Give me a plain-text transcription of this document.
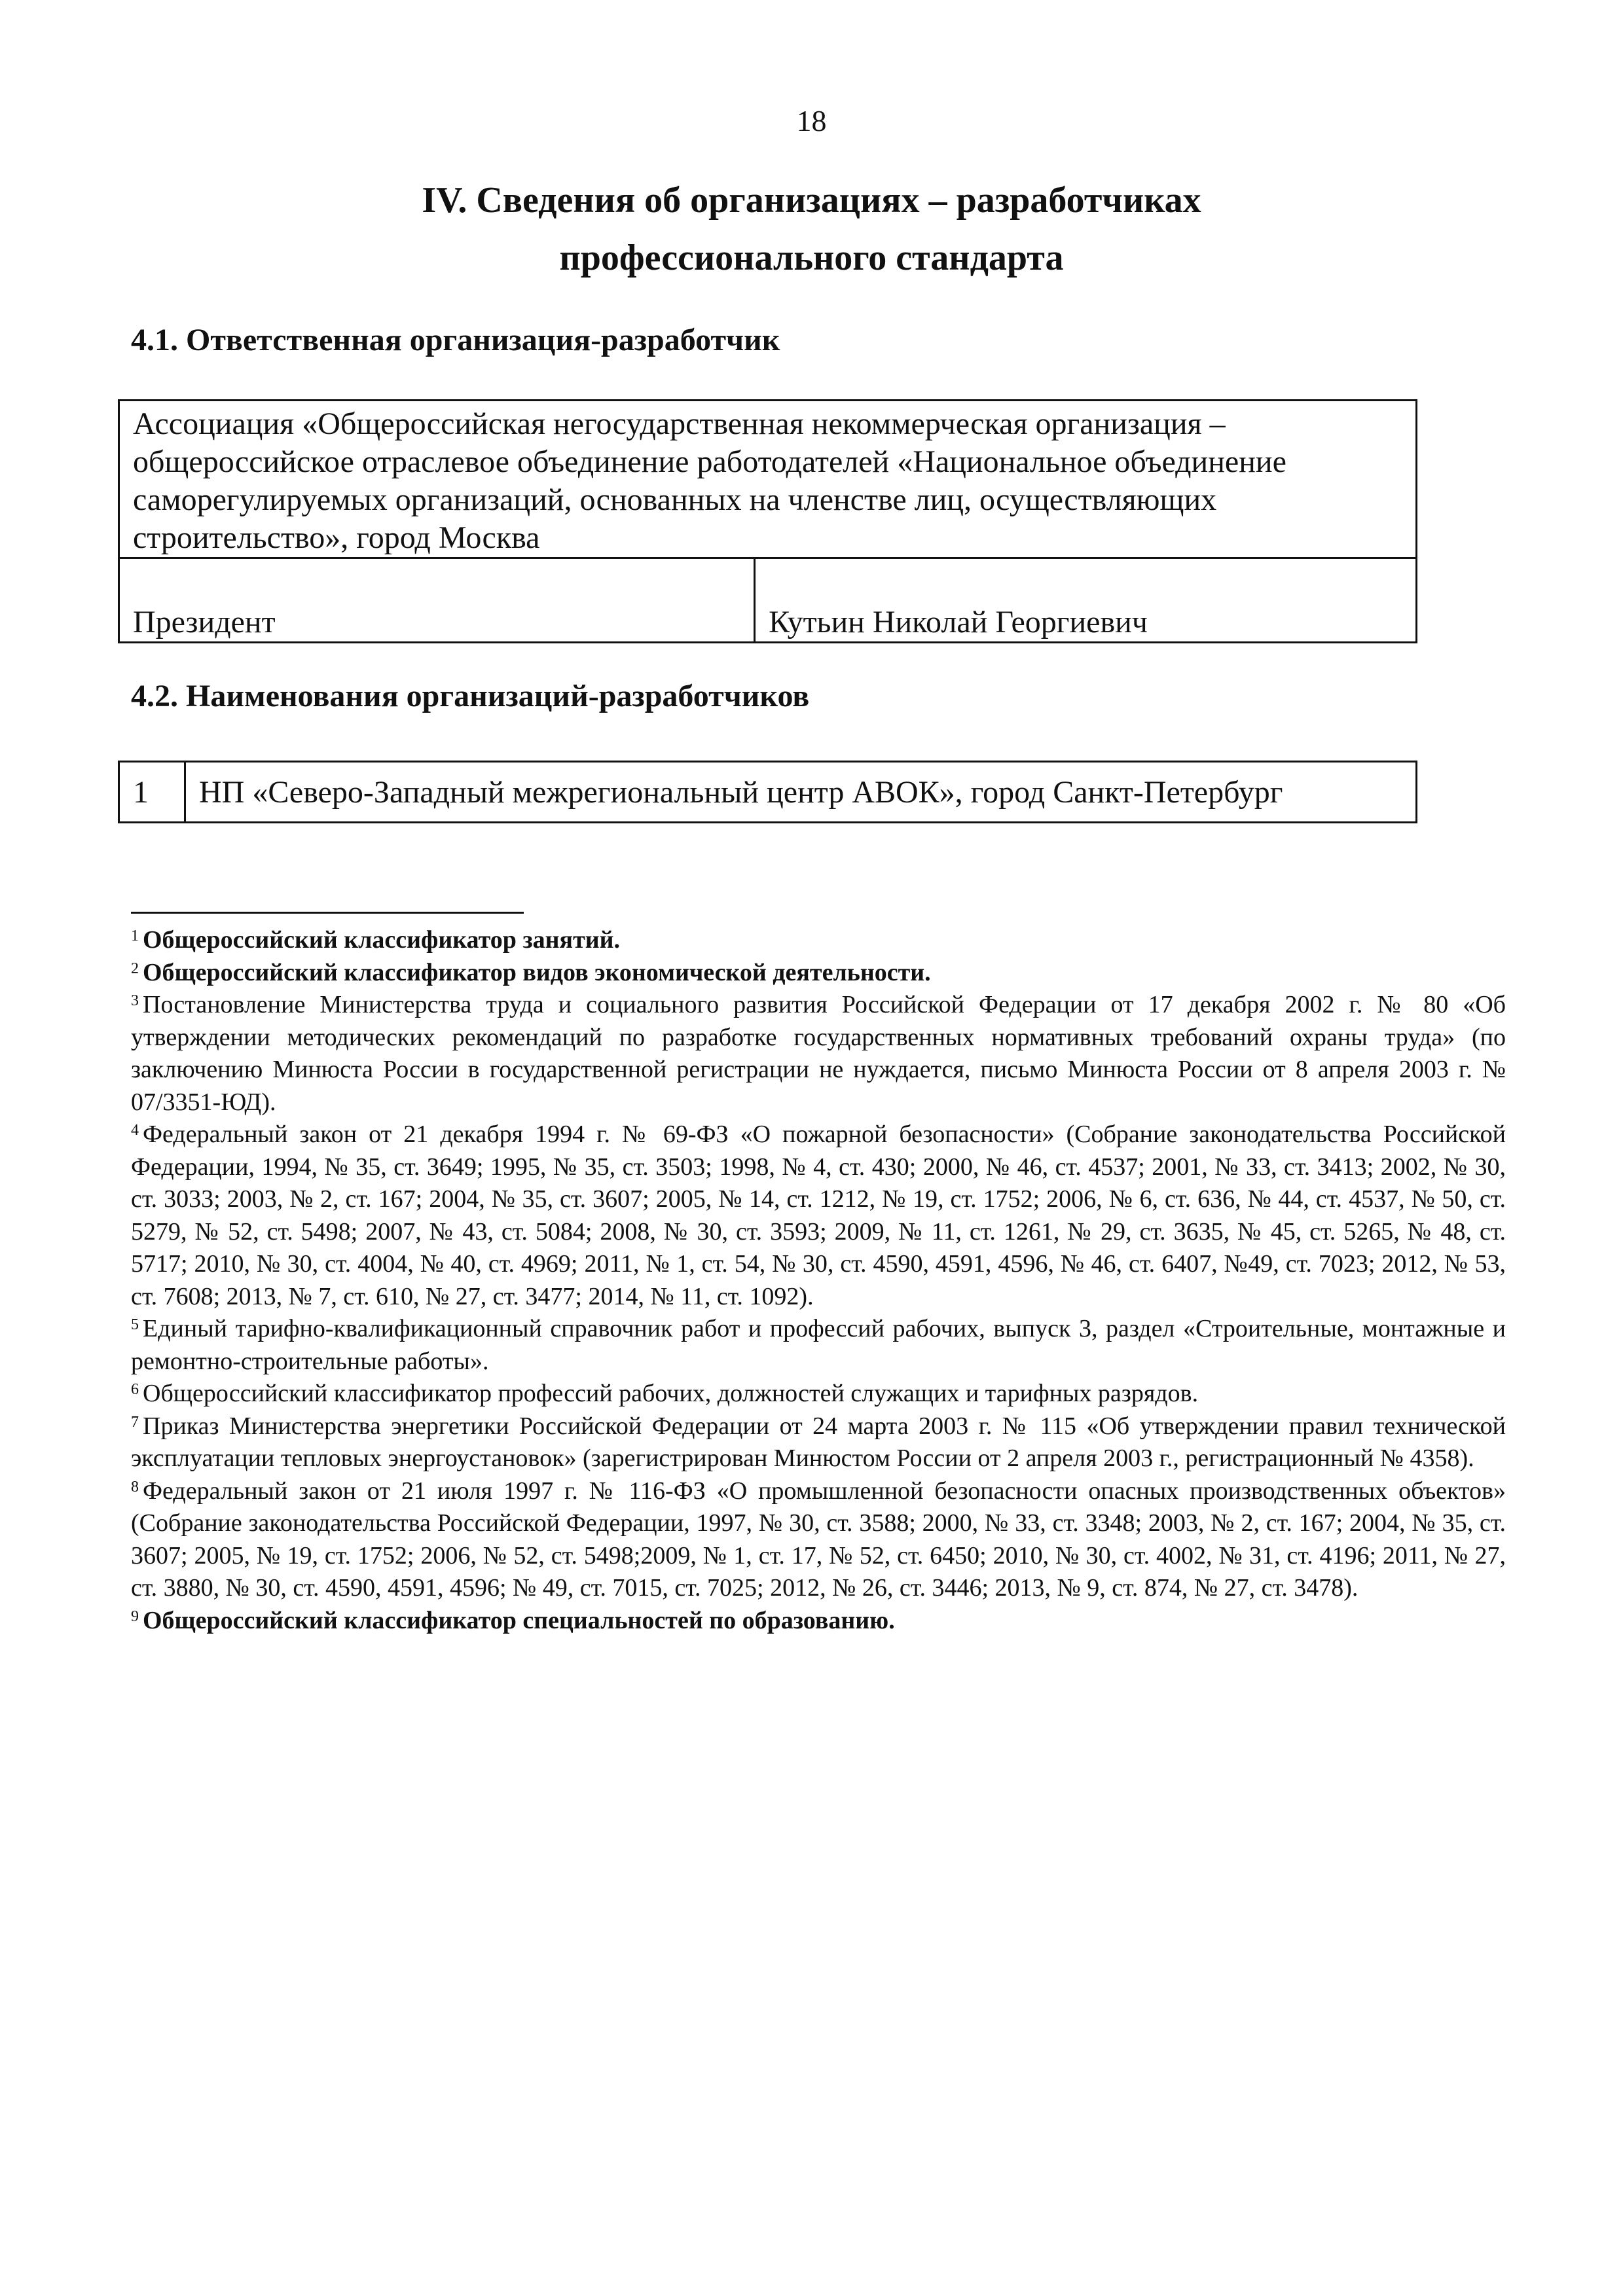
18
IV. Сведения об организациях – разработчиках
профессионального стандарта
4.1. Ответственная организация-разработчик
Ассоциация «Общероссийская негосударственная некоммерческая организация – общероссийское отраслевое объединение работодателей «Национальное объединение саморегулируемых организаций, основанных на членстве лиц, осуществляющих строительство», город Москва
Президент	Кутьин Николай Георгиевич
4.2. Наименования организаций-разработчиков
1	НП «Северо-Западный межрегиональный центр АВОК», город Санкт-Петербург

$^1$ Общероссийский классификатор занятий.

$^2$ Общероссийский классификатор видов экономической деятельности.

$^3$ Постановление Министерства труда и социального развития Российской Федерации от 17 декабря 2002 г. № 80 «Об утверждении методических рекомендаций по разработке государственных нормативных требований охраны труда» (по заключению Минюста России в государственной регистрации не нуждается, письмо Минюста России от 8 апреля 2003 г. № 07/3351-ЮД).

$^4$ Федеральный закон от 21 декабря 1994 г. № 69-ФЗ «О пожарной безопасности» (Собрание законодательства Российской Федерации, 1994, № 35, ст. 3649; 1995, № 35, ст. 3503; 1998, № 4, ст. 430; 2000, № 46, ст. 4537; 2001, № 33, ст. 3413; 2002, № 30, ст. 3033; 2003, № 2, ст. 167; 2004, № 35, ст. 3607; 2005, № 14, ст. 1212, № 19, ст. 1752; 2006, № 6, ст. 636, № 44, ст. 4537, № 50, ст. 5279, № 52, ст. 5498; 2007, № 43, ст. 5084; 2008, № 30, ст. 3593; 2009, № 11, ст. 1261, № 29, ст. 3635, № 45, ст. 5265, № 48, ст. 5717; 2010, № 30, ст. 4004, № 40, ст. 4969; 2011, № 1, ст. 54, № 30, ст. 4590, 4591, 4596, № 46, ст. 6407, №49, ст. 7023; 2012, № 53, ст. 7608; 2013, № 7, ст. 610, № 27, ст. 3477; 2014, № 11, ст. 1092).

$^5$ Единый тарифно-квалификационный справочник работ и профессий рабочих, выпуск 3, раздел «Строительные, монтажные и ремонтно-строительные работы».

$^6$ Общероссийский классификатор профессий рабочих, должностей служащих и тарифных разрядов.

$^7$ Приказ Министерства энергетики Российской Федерации от 24 марта 2003 г. № 115 «Об утверждении правил технической эксплуатации тепловых энергоустановок» (зарегистрирован Минюстом России от 2 апреля 2003 г., регистрационный № 4358).

$^8$ Федеральный закон от 21 июля 1997 г. № 116-ФЗ «О промышленной безопасности опасных производственных объектов» (Собрание законодательства Российской Федерации, 1997, № 30, ст. 3588; 2000, № 33, ст. 3348; 2003, № 2, ст. 167; 2004, № 35, ст. 3607; 2005, № 19, ст. 1752; 2006, № 52, ст. 5498;2009, № 1, ст. 17, № 52, ст. 6450; 2010, № 30, ст. 4002, № 31, ст. 4196; 2011, № 27, ст. 3880, № 30, ст. 4590, 4591, 4596; № 49, ст. 7015, ст. 7025; 2012, № 26, ст. 3446; 2013, № 9, ст. 874, № 27, ст. 3478).

$^9$ Общероссийский классификатор специальностей по образованию.
